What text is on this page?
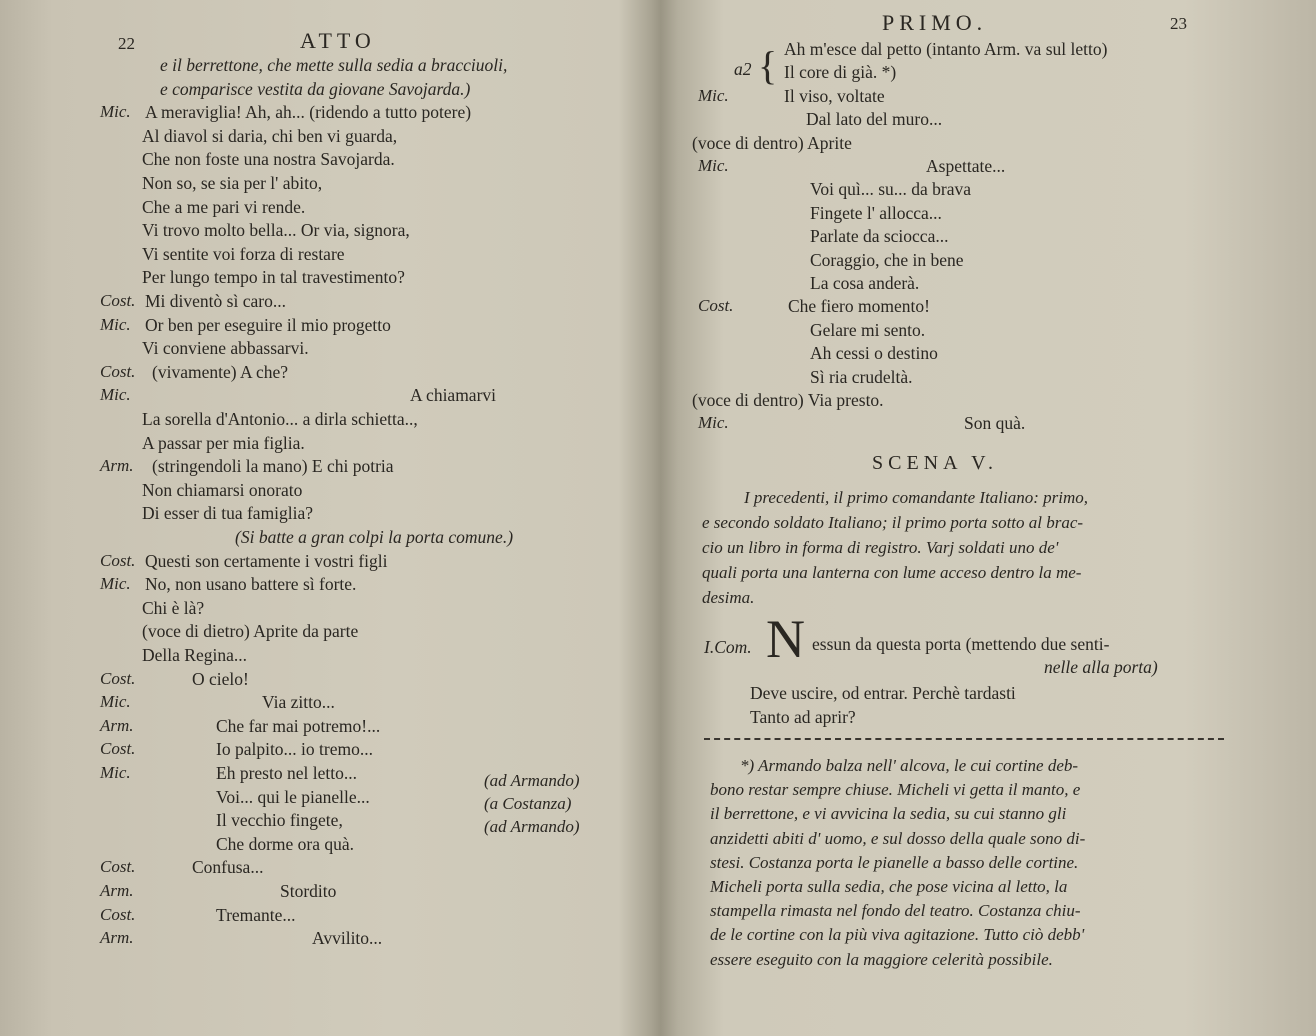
22	ATTO
e il berrettone, che mette sulla sedia a bracciuoli,
e comparisce vestita da giovane Savojarda.)
Mic. A meraviglia! Ah, ah... (ridendo a tutto potere)
Al diavol si daria, chi ben vi guarda,
Che non foste una nostra Savojarda.
Non so, se sia per l' abito,
Che a me pari vi rende.
Vi trovo molto bella... Or via, signora,
Vi sentite voi forza di restare
Per lungo tempo in tal travestimento?
Cost. Mi diventò sì caro...
Mic. Or ben per eseguire il mio progetto
Vi conviene abbassarvi.
Cost. (vivamente) A che?
Mic.	A chiamarvi
La sorella d'Antonio... a dirla schietta..,
A passar per mia figlia.
Arm. (stringendoli la mano) E chi potria
Non chiamarsi onorato
Di esser di tua famiglia?
(Si batte a gran colpi la porta comune.)
Cost. Questi son certamente i vostri figli
Mic. No, non usano battere sì forte.
Chi è là?
(voce di dietro) Aprite da parte
Della Regina...
Cost.	O cielo!
Mic.	Via zitto...
Arm.	Che far mai potremo!...
Cost.	Io palpito... io tremo...
Mic.	Eh presto nel letto...
Voi... qui le pianelle...
Il vecchio fingete,
Che dorme ora quà.
Cost.	Confusa...
Arm.	Stordito
Cost.	Tremante...
Arm.	Avvilito...
(ad Armando)
(a Costanza)
(ad Armando)
PRIMO.	23
a2 { Ah m'esce dal petto (intanto Arm. va sul letto)
Il core di già. *)
Mic.	Il viso, voltate
Dal lato del muro...
(voce di dentro) Aprite
Mic.	Aspettate...
Voi quì... su... da brava
Fingete l' allocca...
Parlate da sciocca...
Coraggio, che in bene
La cosa anderà.
Cost.	Che fiero momento!
Gelare mi sento.
Ah cessi o destino
Sì ria crudeltà.
(voce di dentro) Via presto.
Mic.	Son quà.
SCENA V.
I precedenti, il primo comandante Italiano: primo,
e secondo soldato Italiano; il primo porta sotto al brac-
cio un libro in forma di registro. Varj soldati uno de'
quali porta una lanterna con lume acceso dentro la me-
desima.
I.Com. N essun da questa porta (mettendo due senti-
nelle alla porta)
Deve uscire, od entrar. Perchè tardasti
Tanto ad aprir?
*) Armando balza nell' alcova, le cui cortine deb-
bono restar sempre chiuse. Micheli vi getta il manto, e
il berrettone, e vi avvicina la sedia, su cui stanno gli
anzidetti abiti d' uomo, e sul dosso della quale sono di-
stesi. Costanza porta le pianelle a basso delle cortine.
Micheli porta sulla sedia, che pose vicina al letto, la
stampella rimasta nel fondo del teatro. Costanza chiu-
de le cortine con la più viva agitazione. Tutto ciò debb'
essere eseguito con la maggiore celerità possibile.
